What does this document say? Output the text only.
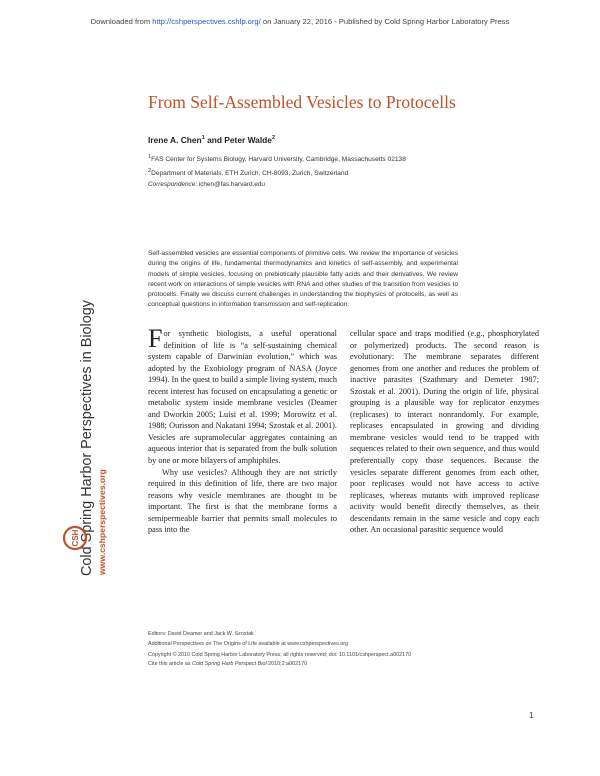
Downloaded from http://cshperspectives.cshlp.org/ on January 22, 2016 - Published by Cold Spring Harbor Laboratory Press
Cold Spring Harbor Perspectives in Biology www.cshperspectives.org
CSH
From Self-Assembled Vesicles to Protocells
Irene A. Chen$^1$ and Peter Walde$^2$
$^1$FAS Center for Systems Biology, Harvard University, Cambridge, Massachusetts 02138
$^2$Department of Materials, ETH Zurich, CH-8093, Zurich, Switzerland
Correspondence: ichen@fas.harvard.edu
Self-assembled vesicles are essential components of primitive cells. We review the importance of vesicles during the origins of life, fundamental thermodynamics and kinetics of self-assembly, and experimental models of simple vesicles, focusing on prebiotically plausible fatty acids and their derivatives. We review recent work on interactions of simple vesicles with RNA and other studies of the transition from vesicles to protocells. Finally we discuss current challenges in understanding the biophysics of protocells, as well as conceptual questions in information transmission and self-replication.

For synthetic biologists, a useful operational definition of life is “a self-sustaining chemical system capable of Darwinian evolution,” which was adopted by the Exobiology program of NASA (Joyce 1994). In the quest to build a simple living system, much recent interest has focused on encapsulating a genetic or metabolic system inside membrane vesicles (Deamer and Dworkin 2005; Luisi et al. 1999; Morowitz et al. 1988; Ourisson and Nakatani 1994; Szostak et al. 2001). Vesicles are supramolecular aggregates containing an aqueous interior that is separated from the bulk solution by one or more bilayers of amphiphiles.

Why use vesicles? Although they are not strictly required in this definition of life, there are two major reasons why vesicle membranes are thought to be important. The first is that the membrane forms a semipermeable barrier that permits small molecules to pass into the

cellular space and traps modified (e.g., phosphorylated or polymerized) products. The second reason is evolutionary: The membrane separates different genomes from one another and reduces the problem of inactive parasites (Szathmary and Demeter 1987; Szostak et al. 2001). During the origin of life, physical grouping is a plausible way for replicator enzymes (replicases) to interact nonrandomly. For example, replicases encapsulated in growing and dividing membrane vesicles would tend to be trapped with sequences related to their own sequence, and thus would preferentially copy those sequences. Because the vesicles separate different genomes from each other, poor replicases would not have access to active replicases, whereas mutants with improved replicase activity would benefit directly themselves, as their descendants remain in the same vesicle and copy each other. An occasional parasitic sequence would

Editors: David Deamer and Jack W. Szostak
Additional Perspectives on The Origins of Life available at www.cshperspectives.org
Copyright © 2010 Cold Spring Harbor Laboratory Press; all rights reserved; doi: 10.1101/cshperspect.a002170
Cite this article as Cold Spring Harb Perspect Biol 2010;2:a002170
1
